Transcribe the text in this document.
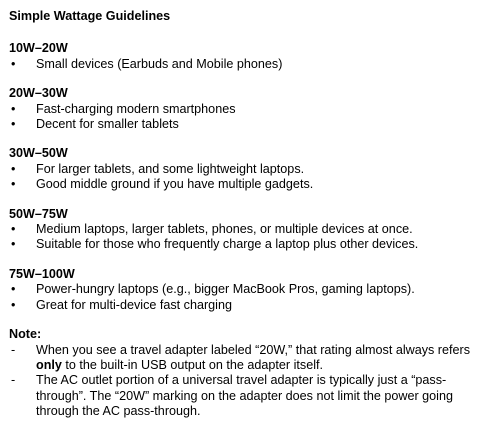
Simple Wattage Guidelines
10W–20W
• Small devices (Earbuds and Mobile phones)
20W–30W
• Fast-charging modern smartphones
• Decent for smaller tablets
30W–50W
• For larger tablets, and some lightweight laptops.
• Good middle ground if you have multiple gadgets.
50W–75W
• Medium laptops, larger tablets, phones, or multiple devices at once.
• Suitable for those who frequently charge a laptop plus other devices.
75W–100W
• Power-hungry laptops (e.g., bigger MacBook Pros, gaming laptops).
• Great for multi-device fast charging
Note:
- When you see a travel adapter labeled “20W,” that rating almost always refers only to the built-in USB output on the adapter itself.
- The AC outlet portion of a universal travel adapter is typically just a “pass-through”. The “20W” marking on the adapter does not limit the power going through the AC pass-through.
